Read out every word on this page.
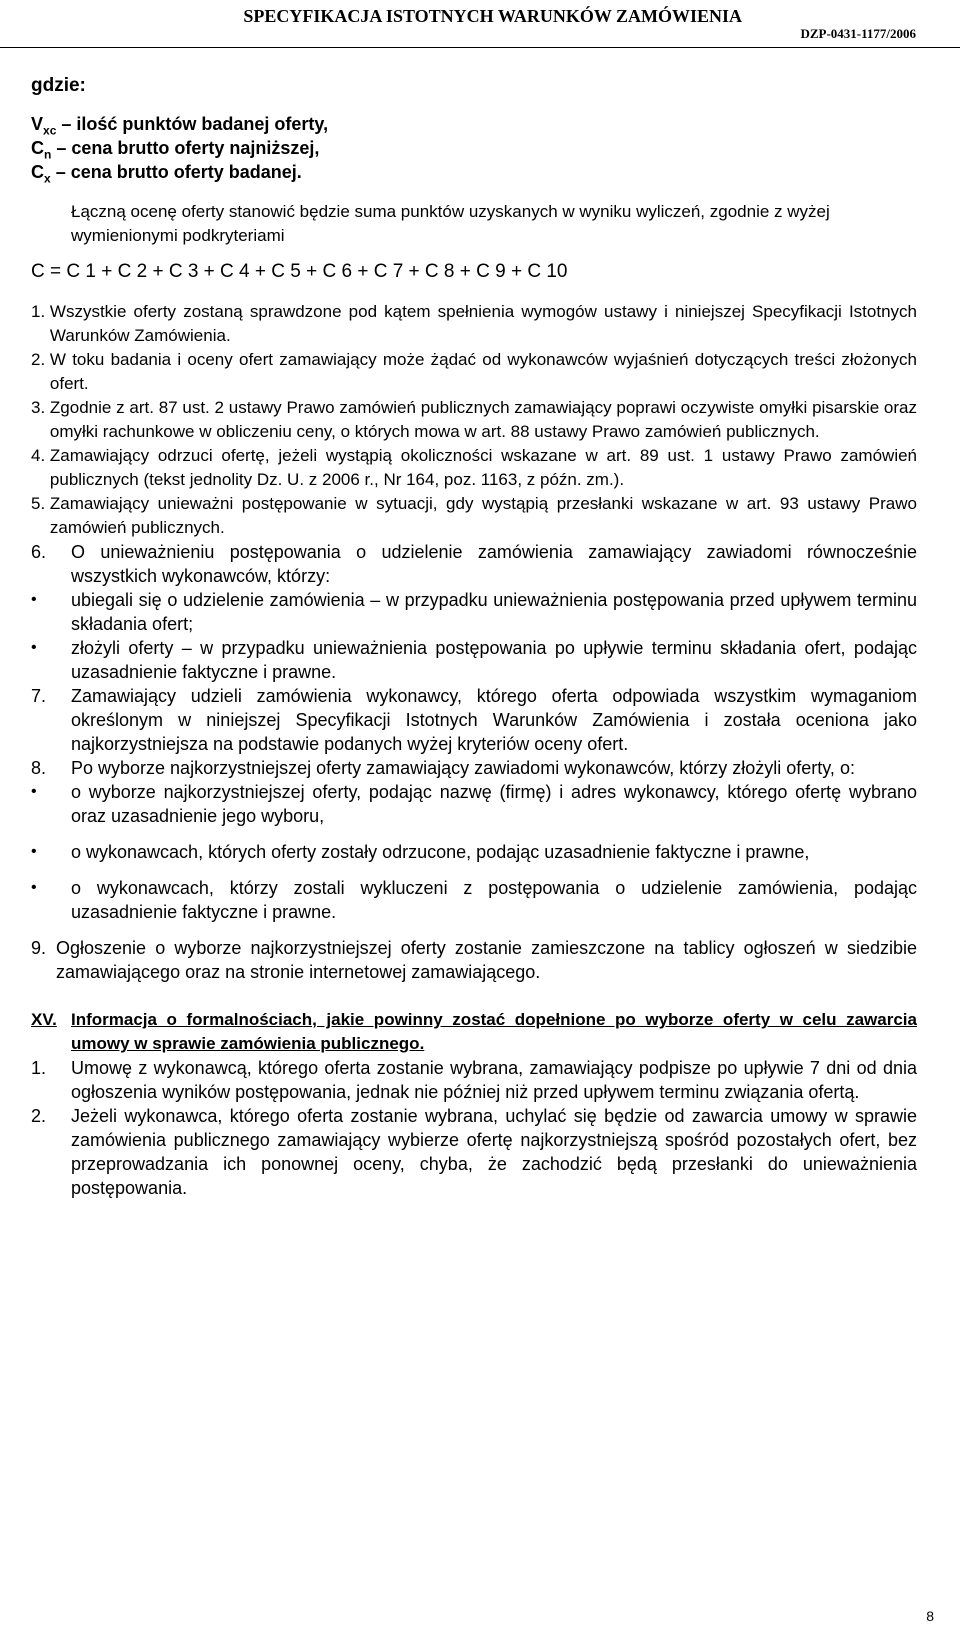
SPECYFIKACJA ISTOTNYCH WARUNKÓW ZAMÓWIENIA
DZP-0431-1177/2006

gdzie:

$V_{xc}$ – ilość punktów badanej oferty,

$C_n$ – cena brutto oferty najniższej,

$C_x$ – cena brutto oferty badanej.

Łączną ocenę oferty stanowić będzie suma punktów uzyskanych w wyniku wyliczeń, zgodnie z wyżej wymienionymi podkryteriami

C = C 1 + C 2 + C 3 + C 4 + C 5 + C 6 + C 7 + C 8 + C 9 + C 10

1. Wszystkie oferty zostaną sprawdzone pod kątem spełnienia wymogów ustawy i niniejszej Specyfikacji Istotnych Warunków Zamówienia.
2. W toku badania i oceny ofert zamawiający może żądać od wykonawców wyjaśnień dotyczących treści złożonych ofert.
3. Zgodnie z art. 87 ust. 2 ustawy Prawo zamówień publicznych zamawiający poprawi oczywiste omyłki pisarskie oraz omyłki rachunkowe w obliczeniu ceny, o których mowa w art. 88 ustawy Prawo zamówień publicznych.
4. Zamawiający odrzuci ofertę, jeżeli wystąpią okoliczności wskazane w art. 89 ust. 1 ustawy Prawo zamówień publicznych (tekst jednolity Dz. U. z 2006 r., Nr 164, poz. 1163, z późn. zm.).
5. Zamawiający unieważni postępowanie w sytuacji, gdy wystąpią przesłanki wskazane w art. 93 ustawy Prawo zamówień publicznych.
6.	O unieważnieniu postępowania o udzielenie zamówienia zamawiający zawiadomi równocześnie wszystkich wykonawców, którzy:
•	ubiegali się o udzielenie zamówienia – w przypadku unieważnienia postępowania przed upływem terminu składania ofert;
•	złożyli oferty – w przypadku unieważnienia postępowania po upływie terminu składania ofert, podając uzasadnienie faktyczne i prawne.
7.	Zamawiający udzieli zamówienia wykonawcy, którego oferta odpowiada wszystkim wymaganiom określonym w niniejszej Specyfikacji Istotnych Warunków Zamówienia i została oceniona jako najkorzystniejsza na podstawie podanych wyżej kryteriów oceny ofert.
8.	Po wyborze najkorzystniejszej oferty zamawiający zawiadomi wykonawców, którzy złożyli oferty, o:
•	o wyborze najkorzystniejszej oferty, podając nazwę (firmę) i adres wykonawcy, którego ofertę wybrano oraz uzasadnienie jego wyboru,
•	o wykonawcach, których oferty zostały odrzucone, podając uzasadnienie faktyczne i prawne,
•	o wykonawcach, którzy zostali wykluczeni z postępowania o udzielenie zamówienia, podając uzasadnienie faktyczne i prawne.
9. Ogłoszenie o wyborze najkorzystniejszej oferty zostanie zamieszczone na tablicy ogłoszeń w siedzibie zamawiającego oraz na stronie internetowej zamawiającego.
XV. Informacja o formalnościach, jakie powinny zostać dopełnione po wyborze oferty w celu zawarcia umowy w sprawie zamówienia publicznego.
1. Umowę z wykonawcą, którego oferta zostanie wybrana, zamawiający podpisze po upływie 7 dni od dnia ogłoszenia wyników postępowania, jednak nie później niż przed upływem terminu związania ofertą.
2. Jeżeli wykonawca, którego oferta zostanie wybrana, uchylać się będzie od zawarcia umowy w sprawie zamówienia publicznego zamawiający wybierze ofertę najkorzystniejszą spośród pozostałych ofert, bez przeprowadzania ich ponownej oceny, chyba, że zachodzić będą przesłanki do unieważnienia postępowania.
8
